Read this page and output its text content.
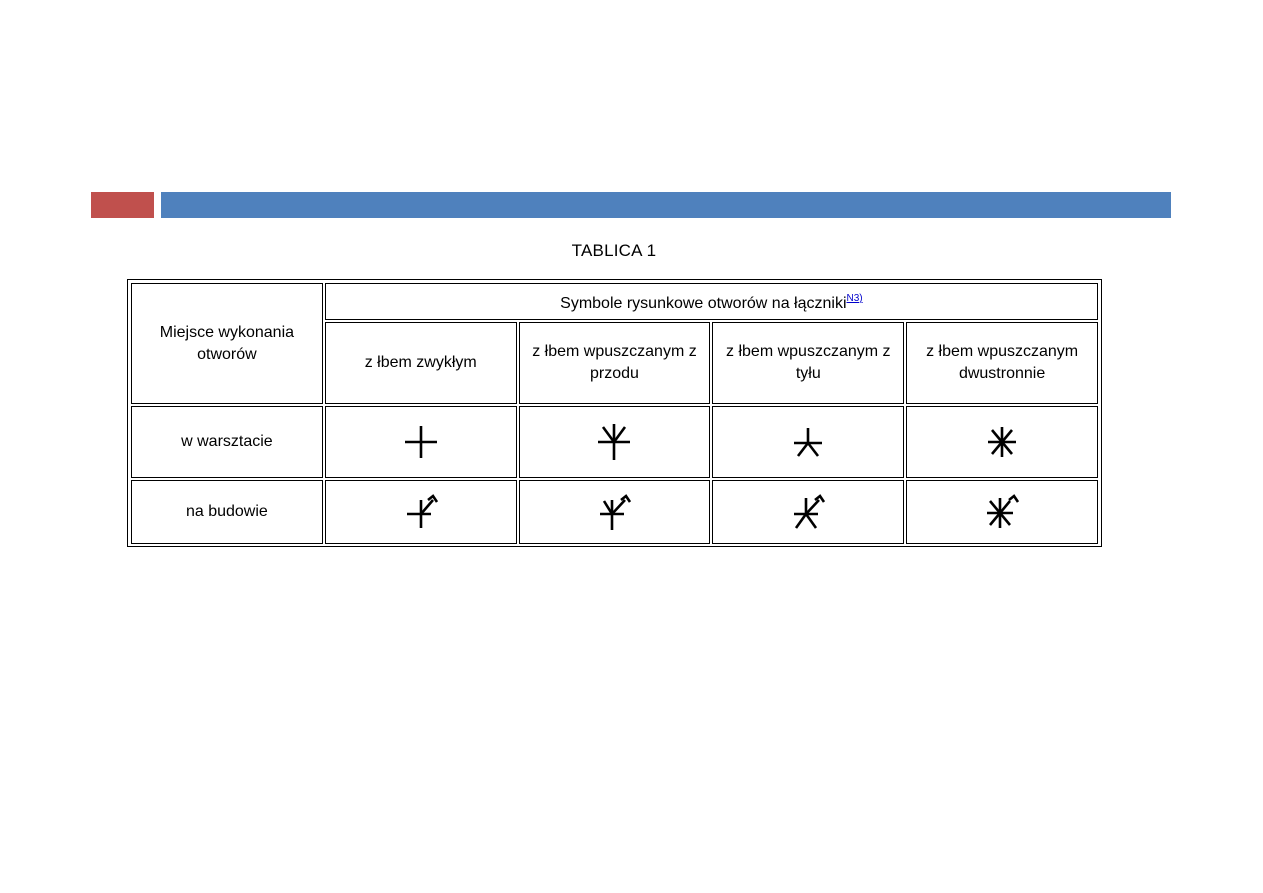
TABLICA 1
Miejsce wykonania otworów	Symbole rysunkowe otworów na łączniki$^{N3)}$
	z łbem zwykłym	z łbem wpuszczanym z przodu	z łbem wpuszczanym z tyłu	z łbem wpuszczanym dwustronnie
w warsztacie	

na budowie	
